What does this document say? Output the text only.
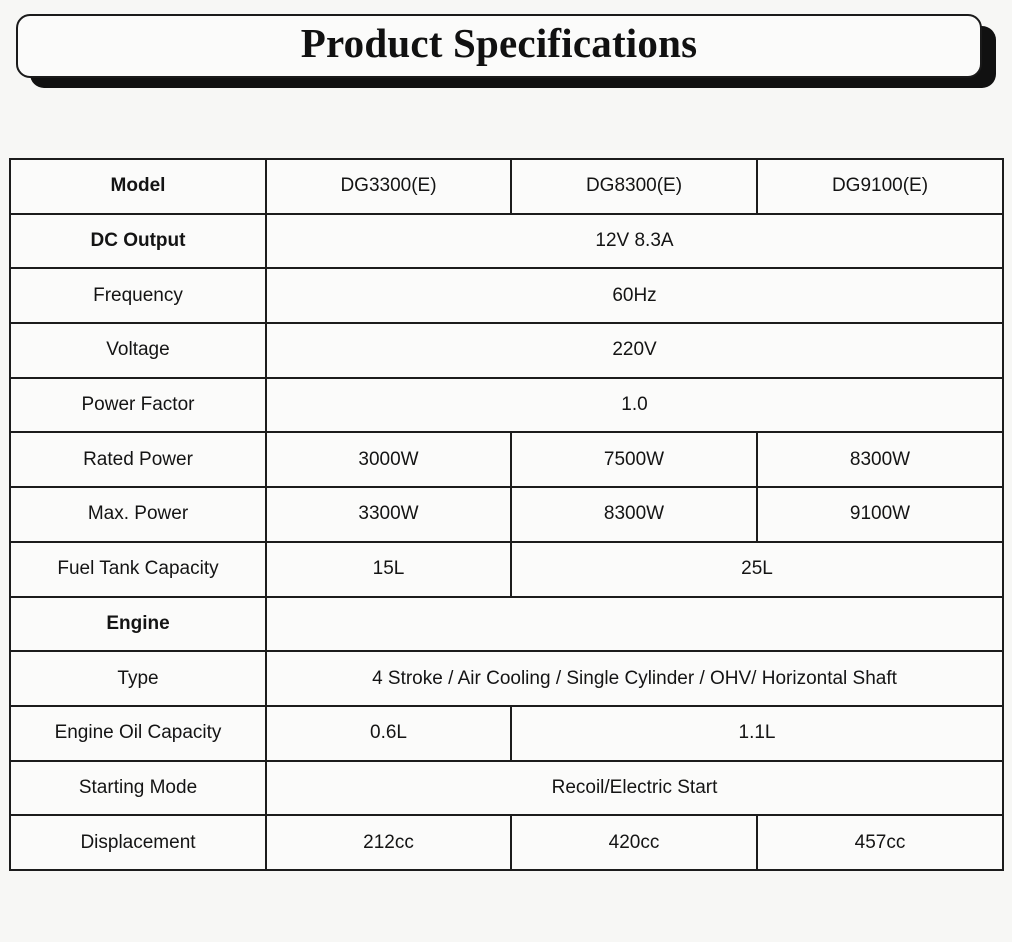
Product Specifications
Model	DG3300(E)	DG8300(E)	DG9100(E)
DC Output	12V 8.3A		
Frequency	60Hz		
Voltage	220V		
Power Factor	1.0		
Rated Power	3000W	7500W	8300W
Max. Power	3300W	8300W	9100W
Fuel Tank Capacity	15L	25L	
Engine			
Type	4 Stroke / Air Cooling / Single Cylinder / OHV/ Horizontal Shaft		
Engine Oil Capacity	0.6L	1.1L	
Starting Mode	Recoil/Electric Start		
Displacement	212cc	420cc	457cc
